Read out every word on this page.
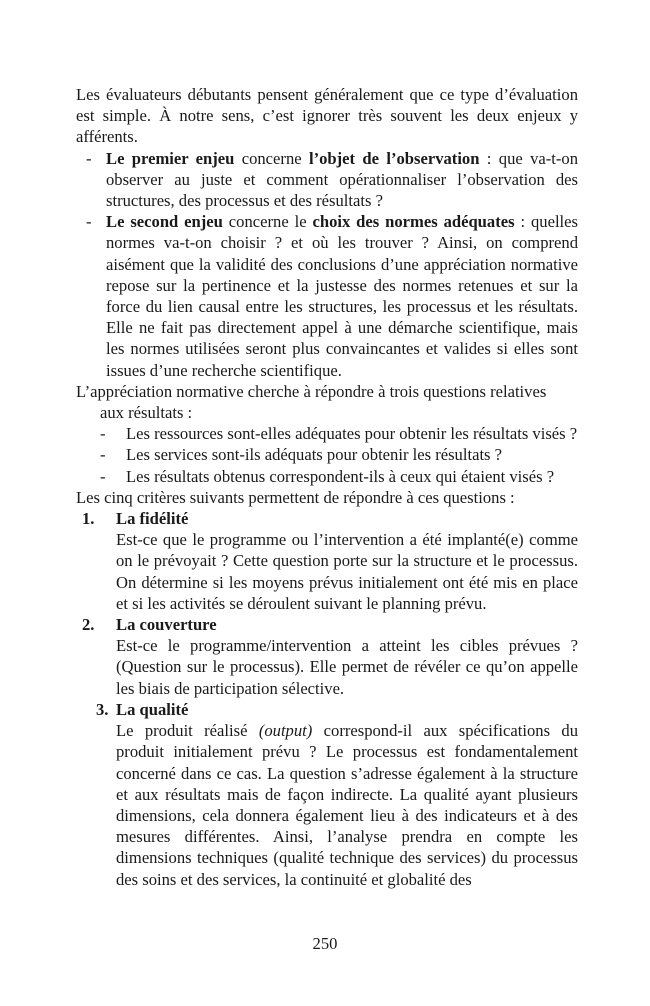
Les évaluateurs débutants pensent généralement que ce type d’évaluation est simple. À notre sens, c’est ignorer très souvent les deux enjeux y afférents.

- Le premier enjeu concerne l’objet de l’observation : que va-t-on observer au juste et comment opérationnaliser l’observation des structures, des processus et des résultats ?
- Le second enjeu concerne le choix des normes adéquates : quelles normes va-t-on choisir ? et où les trouver ? Ainsi, on comprend aisément que la validité des conclusions d’une appréciation normative repose sur la pertinence et la justesse des normes retenues et sur la force du lien causal entre les structures, les processus et les résultats. Elle ne fait pas directement appel à une démarche scientifique, mais les normes utilisées seront plus convaincantes et valides si elles sont issues d’une recherche scientifique.

L’appréciation normative cherche à répondre à trois questions relatives

aux résultats :

- Les ressources sont-elles adéquates pour obtenir les résultats visés ?
- Les services sont-ils adéquats pour obtenir les résultats ?
- Les résultats obtenus correspondent-ils à ceux qui étaient visés ?

Les cinq critères suivants permettent de répondre à ces questions :

1. La fidélité
Est-ce que le programme ou l’intervention a été implanté(e) comme on le prévoyait ? Cette question porte sur la structure et le processus. On détermine si les moyens prévus initialement ont été mis en place et si les activités se déroulent suivant le planning prévu.
2. La couverture
Est-ce le programme/intervention a atteint les cibles prévues ? (Question sur le processus). Elle permet de révéler ce qu’on appelle les biais de participation sélective.
3. La qualité
Le produit réalisé (output) correspond-il aux spécifications du produit initialement prévu ? Le processus est fondamentalement concerné dans ce cas. La question s’adresse également à la structure et aux résultats mais de façon indirecte. La qualité ayant plusieurs dimensions, cela donnera également lieu à des indicateurs et à des mesures différentes. Ainsi, l’analyse prendra en compte les dimensions techniques (qualité technique des services) du processus des soins et des services, la continuité et globalité des
250
